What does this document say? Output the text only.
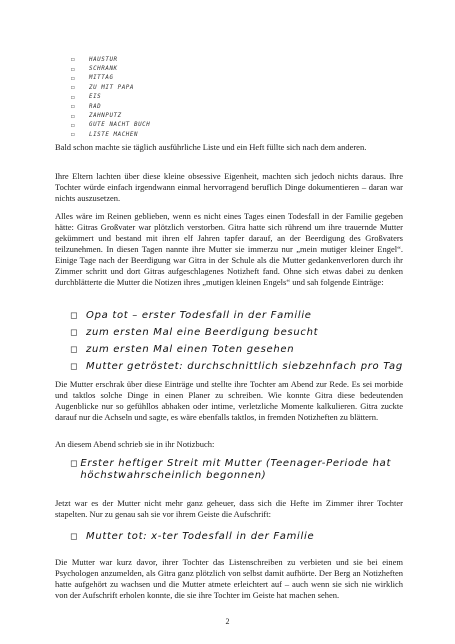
◻	HAUSTUR
◻	SCHRANK
◻	MITTAG
◻	ZU MIT PAPA
◻	EIS
◻	RAD
◻	ZAHNPUTZ
◻	GUTE NACHT BUCH
◻	LISTE MACHEN

Bald schon machte sie täglich ausführliche Liste und ein Heft füllte sich nach dem anderen.

Ihre Eltern lachten über diese kleine obsessive Eigenheit, machten sich jedoch nichts daraus. Ihre Tochter würde einfach irgendwann einmal hervorragend beruflich Dinge dokumentieren – daran war nichts auszusetzen.

Alles wäre im Reinen geblieben, wenn es nicht eines Tages einen Todesfall in der Familie gegeben hätte: Gitras Großvater war plötzlich verstorben. Gitra hatte sich rührend um ihre trauernde Mutter gekümmert und bestand mit ihren elf Jahren tapfer darauf, an der Beerdigung des Großvaters teilzunehmen. In diesen Tagen nannte ihre Mutter sie immerzu nur „mein mutiger kleiner Engel“. Einige Tage nach der Beerdigung war Gitra in der Schule als die Mutter gedankenverloren durch ihr Zimmer schritt und dort Gitras aufgeschlagenes Notizheft fand. Ohne sich etwas dabei zu denken durchblätterte die Mutter die Notizen ihres „mutigen kleinen Engels“ und sah folgende Einträge:

◻ Opa tot – erster Todesfall in der Familie
◻ zum ersten Mal eine Beerdigung besucht
◻ zum ersten Mal einen Toten gesehen
◻ Mutter getröstet: durchschnittlich siebzehnfach pro Tag

Die Mutter erschrak über diese Einträge und stellte ihre Tochter am Abend zur Rede. Es sei morbide und taktlos solche Dinge in einen Planer zu schreiben. Wie konnte Gitra diese bedeutenden Augenblicke nur so gefühllos abhaken oder intime, verletzliche Momente kalkulieren. Gitra zuckte darauf nur die Achseln und sagte, es wäre ebenfalls taktlos, in fremden Notizheften zu blättern.

An diesem Abend schrieb sie in ihr Notizbuch:

◻ Erster heftiger Streit mit Mutter (Teenager-Periode hat höchstwahrscheinlich begonnen)

Jetzt war es der Mutter nicht mehr ganz geheuer, dass sich die Hefte im Zimmer ihrer Tochter stapelten. Nur zu genau sah sie vor ihrem Geiste die Aufschrift:

◻ Mutter tot: x-ter Todesfall in der Familie

Die Mutter war kurz davor, ihrer Tochter das Listenschreiben zu verbieten und sie bei einem Psychologen anzumelden, als Gitra ganz plötzlich von selbst damit aufhörte. Der Berg an Notizheften hatte aufgehört zu wachsen und die Mutter atmete erleichtert auf – auch wenn sie sich nie wirklich von der Aufschrift erholen konnte, die sie ihre Tochter im Geiste hat machen sehen.

2
